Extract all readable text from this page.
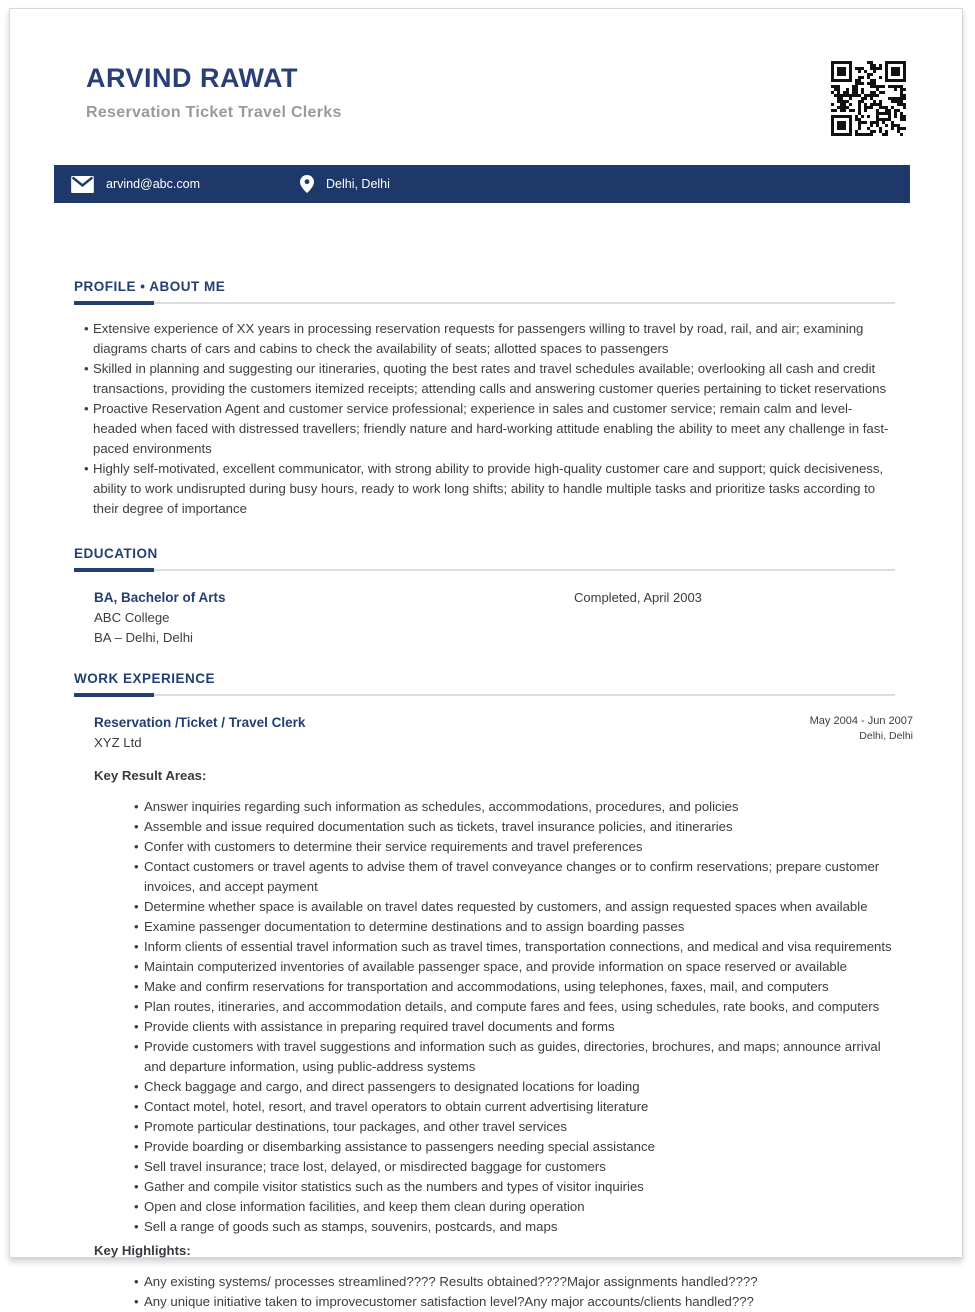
ARVIND RAWAT
Reservation Ticket Travel Clerks
arvind@abc.com	Delhi, Delhi
PROFILE • ABOUT ME
• Extensive experience of XX years in processing reservation requests for passengers willing to travel by road, rail, and air; examining diagrams charts of cars and cabins to check the availability of seats; allotted spaces to passengers
• Skilled in planning and suggesting our itineraries, quoting the best rates and travel schedules available; overlooking all cash and credit transactions, providing the customers itemized receipts; attending calls and answering customer queries pertaining to ticket reservations
• Proactive Reservation Agent and customer service professional; experience in sales and customer service; remain calm and level-headed when faced with distressed travellers; friendly nature and hard-working attitude enabling the ability to meet any challenge in fast-paced environments
• Highly self-motivated, excellent communicator, with strong ability to provide high-quality customer care and support; quick decisiveness, ability to work undisrupted during busy hours, ready to work long shifts; ability to handle multiple tasks and prioritize tasks according to their degree of importance
EDUCATION
BA, Bachelor of Arts
ABC College
BA – Delhi, Delhi
Completed, April 2003
WORK EXPERIENCE
Reservation /Ticket / Travel Clerk
XYZ Ltd
May 2004 - Jun 2007
Delhi, Delhi
Key Result Areas:
• Answer inquiries regarding such information as schedules, accommodations, procedures, and policies
• Assemble and issue required documentation such as tickets, travel insurance policies, and itineraries
• Confer with customers to determine their service requirements and travel preferences
• Contact customers or travel agents to advise them of travel conveyance changes or to confirm reservations; prepare customer invoices, and accept payment
• Determine whether space is available on travel dates requested by customers, and assign requested spaces when available
• Examine passenger documentation to determine destinations and to assign boarding passes
• Inform clients of essential travel information such as travel times, transportation connections, and medical and visa requirements
• Maintain computerized inventories of available passenger space, and provide information on space reserved or available
• Make and confirm reservations for transportation and accommodations, using telephones, faxes, mail, and computers
• Plan routes, itineraries, and accommodation details, and compute fares and fees, using schedules, rate books, and computers
• Provide clients with assistance in preparing required travel documents and forms
• Provide customers with travel suggestions and information such as guides, directories, brochures, and maps; announce arrival and departure information, using public-address systems
• Check baggage and cargo, and direct passengers to designated locations for loading
• Contact motel, hotel, resort, and travel operators to obtain current advertising literature
• Promote particular destinations, tour packages, and other travel services
• Provide boarding or disembarking assistance to passengers needing special assistance
• Sell travel insurance; trace lost, delayed, or misdirected baggage for customers
• Gather and compile visitor statistics such as the numbers and types of visitor inquiries
• Open and close information facilities, and keep them clean during operation
• Sell a range of goods such as stamps, souvenirs, postcards, and maps
Key Highlights:
• Any existing systems/ processes streamlined???? Results obtained????Major assignments handled????
• Any unique initiative taken to improvecustomer satisfaction level?Any major accounts/clients handled???
